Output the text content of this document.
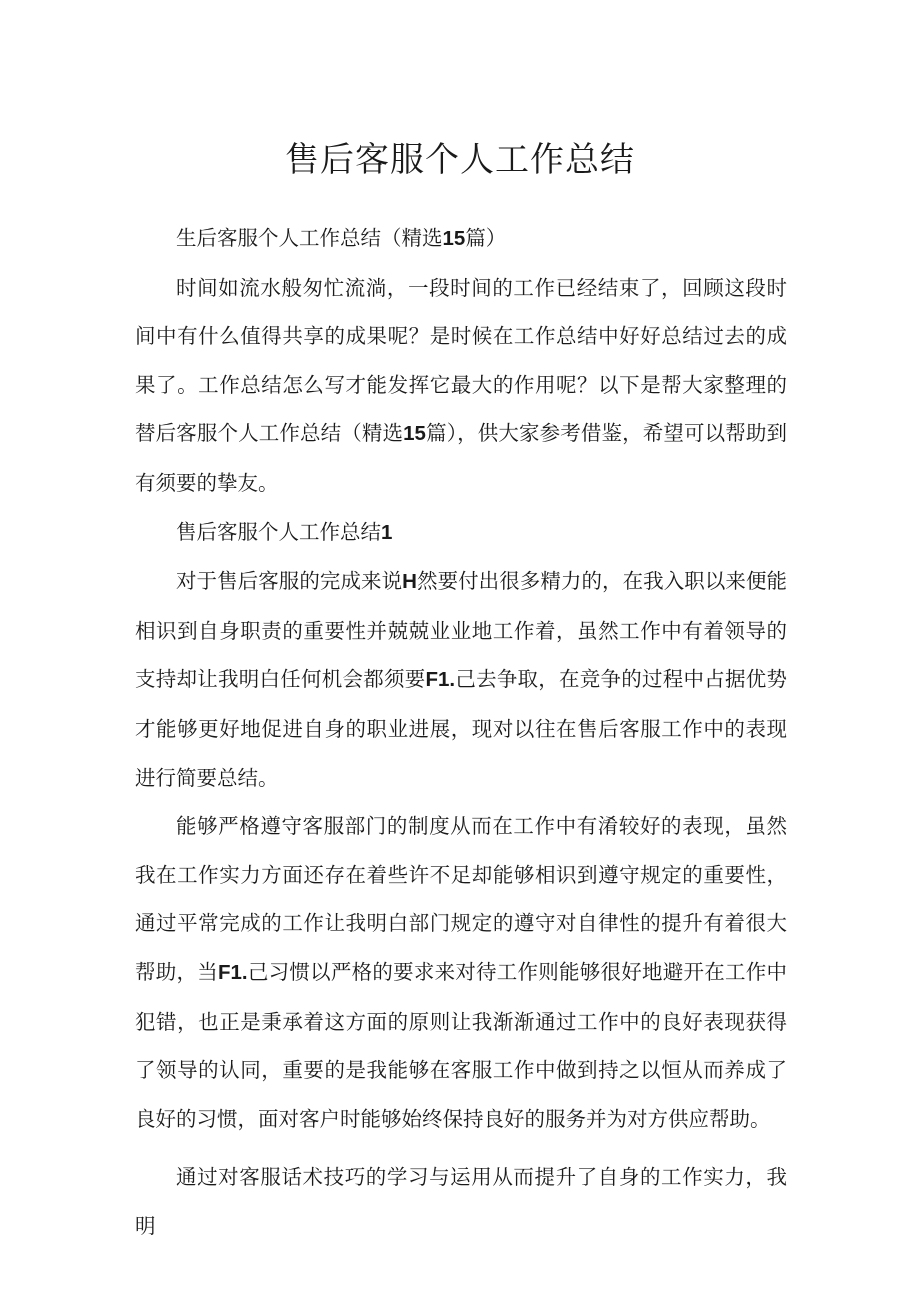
售后客服个人工作总结

生后客服个人工作总结（精选15篇）

时间如流水般匆忙流淌，一段时间的工作已经结束了，回顾这段时间中有什么值得共享的成果呢？是时候在工作总结中好好总结过去的成果了。工作总结怎么写才能发挥它最大的作用呢？以下是帮大家整理的替后客服个人工作总结（精选15篇），供大家参考借鉴，希望可以帮助到有须要的挚友。

售后客服个人工作总结1

对于售后客服的完成来说H然要付出很多精力的，在我入职以来便能相识到自身职责的重要性并兢兢业业地工作着，虽然工作中有着领导的支持却让我明白任何机会都须要F1.己去争取，在竞争的过程中占据优势才能够更好地促进自身的职业进展，现对以往在售后客服工作中的表现进行简要总结。

能够严格遵守客服部门的制度从而在工作中有淆较好的表现，虽然我在工作实力方面还存在着些许不足却能够相识到遵守规定的重要性，通过平常完成的工作让我明白部门规定的遵守对自律性的提升有着很大帮助，当F1.己习惯以严格的要求来对待工作则能够很好地避开在工作中犯错，也正是秉承着这方面的原则让我渐渐通过工作中的良好表现获得了领导的认同，重要的是我能够在客服工作中做到持之以恒从而养成了良好的习惯，面对客户时能够始终保持良好的服务并为对方供应帮助。

通过对客服话术技巧的学习与运用从而提升了自身的工作实力，我明
